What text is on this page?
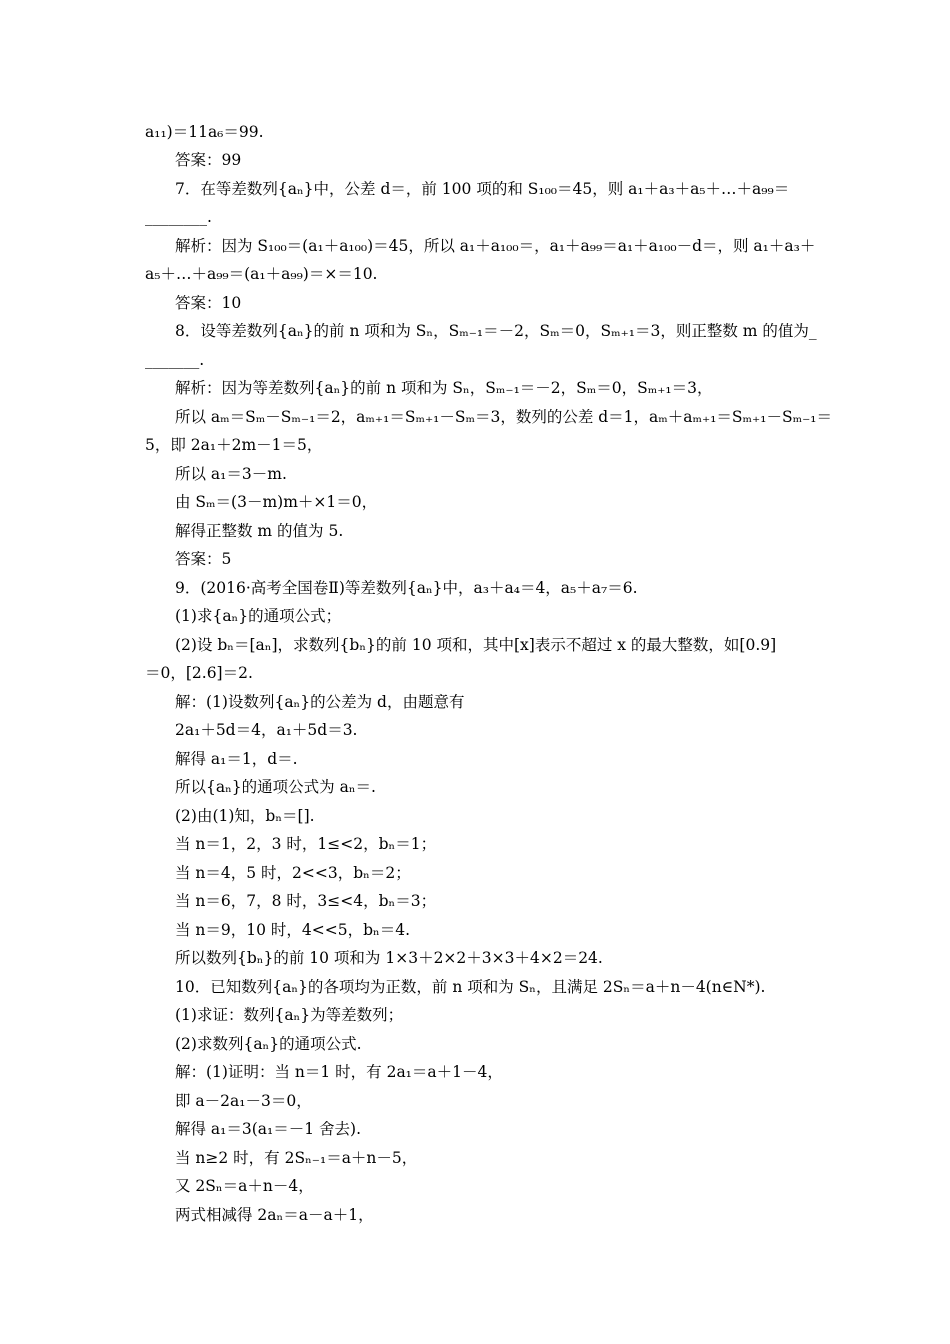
a₁₁)＝11a₆＝99.
答案：99
7．在等差数列{aₙ}中，公差 d＝，前 100 项的和 S₁₀₀＝45，则 a₁＋a₃＋a₅＋…＋a₉₉＝
________.
解析：因为 S₁₀₀＝(a₁＋a₁₀₀)＝45，所以 a₁＋a₁₀₀＝，a₁＋a₉₉＝a₁＋a₁₀₀－d＝，则 a₁＋a₃＋
a₅＋…＋a₉₉＝(a₁＋a₉₉)＝×＝10.
答案：10
8．设等差数列{aₙ}的前 n 项和为 Sₙ，Sₘ₋₁＝－2，Sₘ＝0，Sₘ₊₁＝3，则正整数 m 的值为_
_______.
解析：因为等差数列{aₙ}的前 n 项和为 Sₙ，Sₘ₋₁＝－2，Sₘ＝0，Sₘ₊₁＝3，
所以 aₘ＝Sₘ－Sₘ₋₁＝2，aₘ₊₁＝Sₘ₊₁－Sₘ＝3，数列的公差 d＝1，aₘ＋aₘ₊₁＝Sₘ₊₁－Sₘ₋₁＝
5，即 2a₁＋2m－1＝5，
所以 a₁＝3－m.
由 Sₘ＝(3－m)m＋×1＝0，
解得正整数 m 的值为 5.
答案：5
9．(2016·高考全国卷Ⅱ)等差数列{aₙ}中，a₃＋a₄＝4，a₅＋a₇＝6.
(1)求{aₙ}的通项公式；
(2)设 bₙ＝[aₙ]，求数列{bₙ}的前 10 项和，其中[x]表示不超过 x 的最大整数，如[0.9]
＝0，[2.6]＝2.
解：(1)设数列{aₙ}的公差为 d，由题意有
2a₁＋5d＝4，a₁＋5d＝3.
解得 a₁＝1，d＝.
所以{aₙ}的通项公式为 aₙ＝.
(2)由(1)知，bₙ＝[].
当 n＝1，2，3 时，1≤<2，bₙ＝1；
当 n＝4，5 时，2<<3，bₙ＝2；
当 n＝6，7，8 时，3≤<4，bₙ＝3；
当 n＝9，10 时，4<<5，bₙ＝4.
所以数列{bₙ}的前 10 项和为 1×3＋2×2＋3×3＋4×2＝24.
10．已知数列{aₙ}的各项均为正数，前 n 项和为 Sₙ，且满足 2Sₙ＝a＋n－4(n∈N*).
(1)求证：数列{aₙ}为等差数列；
(2)求数列{aₙ}的通项公式.
解：(1)证明：当 n＝1 时，有 2a₁＝a＋1－4，
即 a－2a₁－3＝0，
解得 a₁＝3(a₁＝－1 舍去).
当 n≥2 时，有 2Sₙ₋₁＝a＋n－5，
又 2Sₙ＝a＋n－4，
两式相减得 2aₙ＝a－a＋1，
